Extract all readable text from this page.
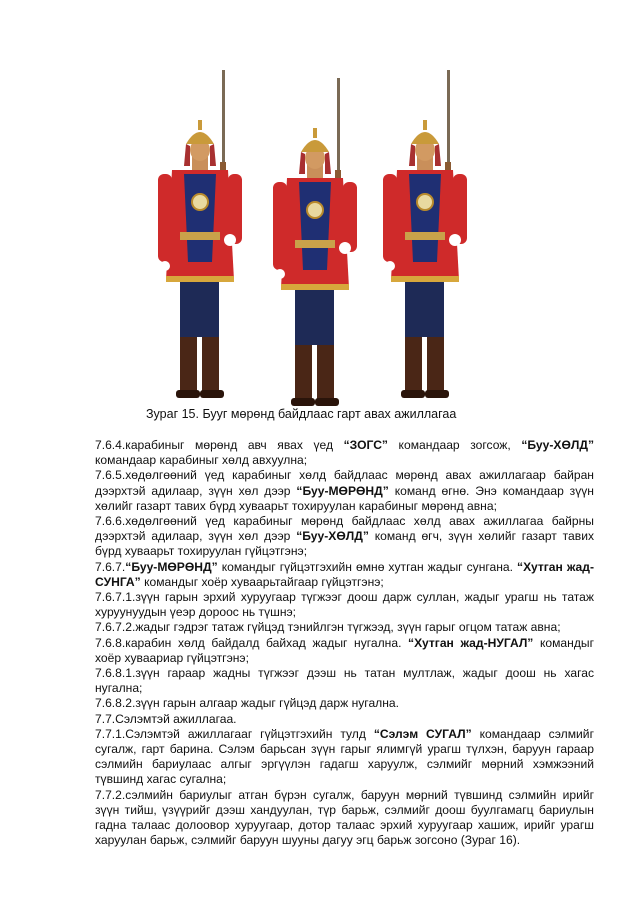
Зураг 15. Бууг мөрөнд байдлаас гарт авах ажиллагаа

7.6.4.карабиныг мөрөнд авч явах үед “ЗОГС” командаар зогсож, “Буу-ХӨЛД” командаар карабиныг хөлд авхуулна;

7.6.5.хөдөлгөөний үед карабиныг хөлд байдлаас мөрөнд авах ажиллагаар байран дээрхтэй адилаар, зүүн хөл дээр “Буу-МӨРӨНД” команд өгнө. Энэ командаар зүүн хөлийг газарт тавих бүрд хуваарьт тохируулан карабиныг мөрөнд авна;

7.6.6.хөдөлгөөний үед карабиныг мөрөнд байдлаас хөлд авах ажиллагаа байрны дээрхтэй адилаар, зүүн хөл дээр “Буу-ХӨЛД” команд өгч, зүүн хөлийг газарт тавих бүрд хуваарьт тохируулан гүйцэтгэнэ;

7.6.7.“Буу-МӨРӨНД” командыг гүйцэтгэхийн өмнө хутган жадыг сунгана. “Хутган жад-СУНГА” командыг хоёр хуваарьтайгаар гүйцэтгэнэ;

7.6.7.1.зүүн гарын эрхий хуруугаар түгжээг доош дарж суллан, жадыг урагш нь татаж хуруунуудын үеэр дороос нь түшнэ;

7.6.7.2.жадыг гэдрэг татаж гүйцэд тэнийлгэн түгжээд, зүүн гарыг огцом татаж авна;

7.6.8.карабин хөлд байдалд байхад жадыг нугална. “Хутган жад-НУГАЛ” командыг хоёр хуваариар гүйцэтгэнэ;

7.6.8.1.зүүн гараар жадны түгжээг дээш нь татан мултлаж, жадыг доош нь хагас нугална;

7.6.8.2.зүүн гарын алгаар жадыг гүйцэд дарж нугална.

7.7.Сэлэмтэй ажиллагаа.

7.7.1.Сэлэмтэй ажиллагааг гүйцэтгэхийн тулд “Сэлэм СУГАЛ” командаар сэлмийг сугалж, гарт барина. Сэлэм барьсан зүүн гарыг ялимгүй урагш түлхэн, баруун гараар сэлмийн бариулаас алгыг эргүүлэн гадагш харуулж, сэлмийг мөрний хэмжээний түвшинд хагас сугална;

7.7.2.сэлмийн бариулыг атган бүрэн сугалж, баруун мөрний түвшинд сэлмийн ирийг зүүн тийш, үзүүрийг дээш хандуулан, түр барьж, сэлмийг доош буулгамагц бариулын гадна талаас долоовор хуруугаар, дотор талаас эрхий хуруугаар хашиж, ирийг урагш харуулан барьж, сэлмийг баруун шууны дагуу эгц барьж зогсоно (Зураг 16).
